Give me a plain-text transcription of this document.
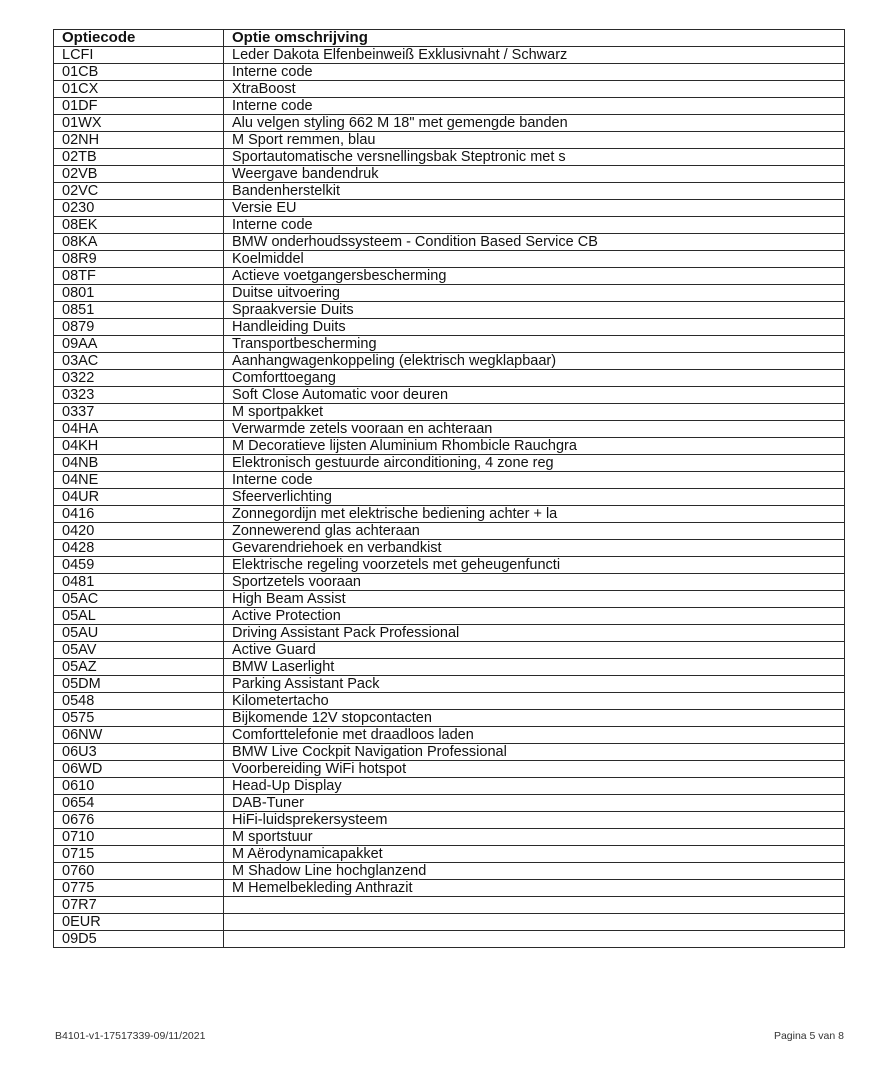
Optiecode	Optie omschrijving
LCFI	Leder Dakota Elfenbeinweiß Exklusivnaht / Schwarz
01CB	Interne code
01CX	XtraBoost
01DF	Interne code
01WX	Alu velgen styling 662 M 18" met gemengde banden
02NH	M Sport remmen, blau
02TB	Sportautomatische versnellingsbak Steptronic met s
02VB	Weergave bandendruk
02VC	Bandenherstelkit
0230	Versie EU
08EK	Interne code
08KA	BMW onderhoudssysteem - Condition Based Service CB
08R9	Koelmiddel
08TF	Actieve voetgangersbescherming
0801	Duitse uitvoering
0851	Spraakversie Duits
0879	Handleiding Duits
09AA	Transportbescherming
03AC	Aanhangwagenkoppeling (elektrisch wegklapbaar)
0322	Comforttoegang
0323	Soft Close Automatic voor deuren
0337	M sportpakket
04HA	Verwarmde zetels vooraan en achteraan
04KH	M Decoratieve lijsten Aluminium Rhombicle Rauchgra
04NB	Elektronisch gestuurde airconditioning, 4 zone reg
04NE	Interne code
04UR	Sfeerverlichting
0416	Zonnegordijn met elektrische bediening achter + la
0420	Zonnewerend glas achteraan
0428	Gevarendriehoek en verbandkist
0459	Elektrische regeling voorzetels met geheugenfuncti
0481	Sportzetels vooraan
05AC	High Beam Assist
05AL	Active Protection
05AU	Driving Assistant Pack Professional
05AV	Active Guard
05AZ	BMW Laserlight
05DM	Parking Assistant Pack
0548	Kilometertacho
0575	Bijkomende 12V stopcontacten
06NW	Comforttelefonie met draadloos laden
06U3	BMW Live Cockpit Navigation Professional
06WD	Voorbereiding WiFi hotspot
0610	Head-Up Display
0654	DAB-Tuner
0676	HiFi-luidsprekersysteem
0710	M sportstuur
0715	M Aërodynamicapakket
0760	M Shadow Line hochglanzend
0775	M Hemelbekleding Anthrazit
07R7	
0EUR	
09D5	
B4101-v1-17517339-09/11/2021	Pagina 5 van 8
